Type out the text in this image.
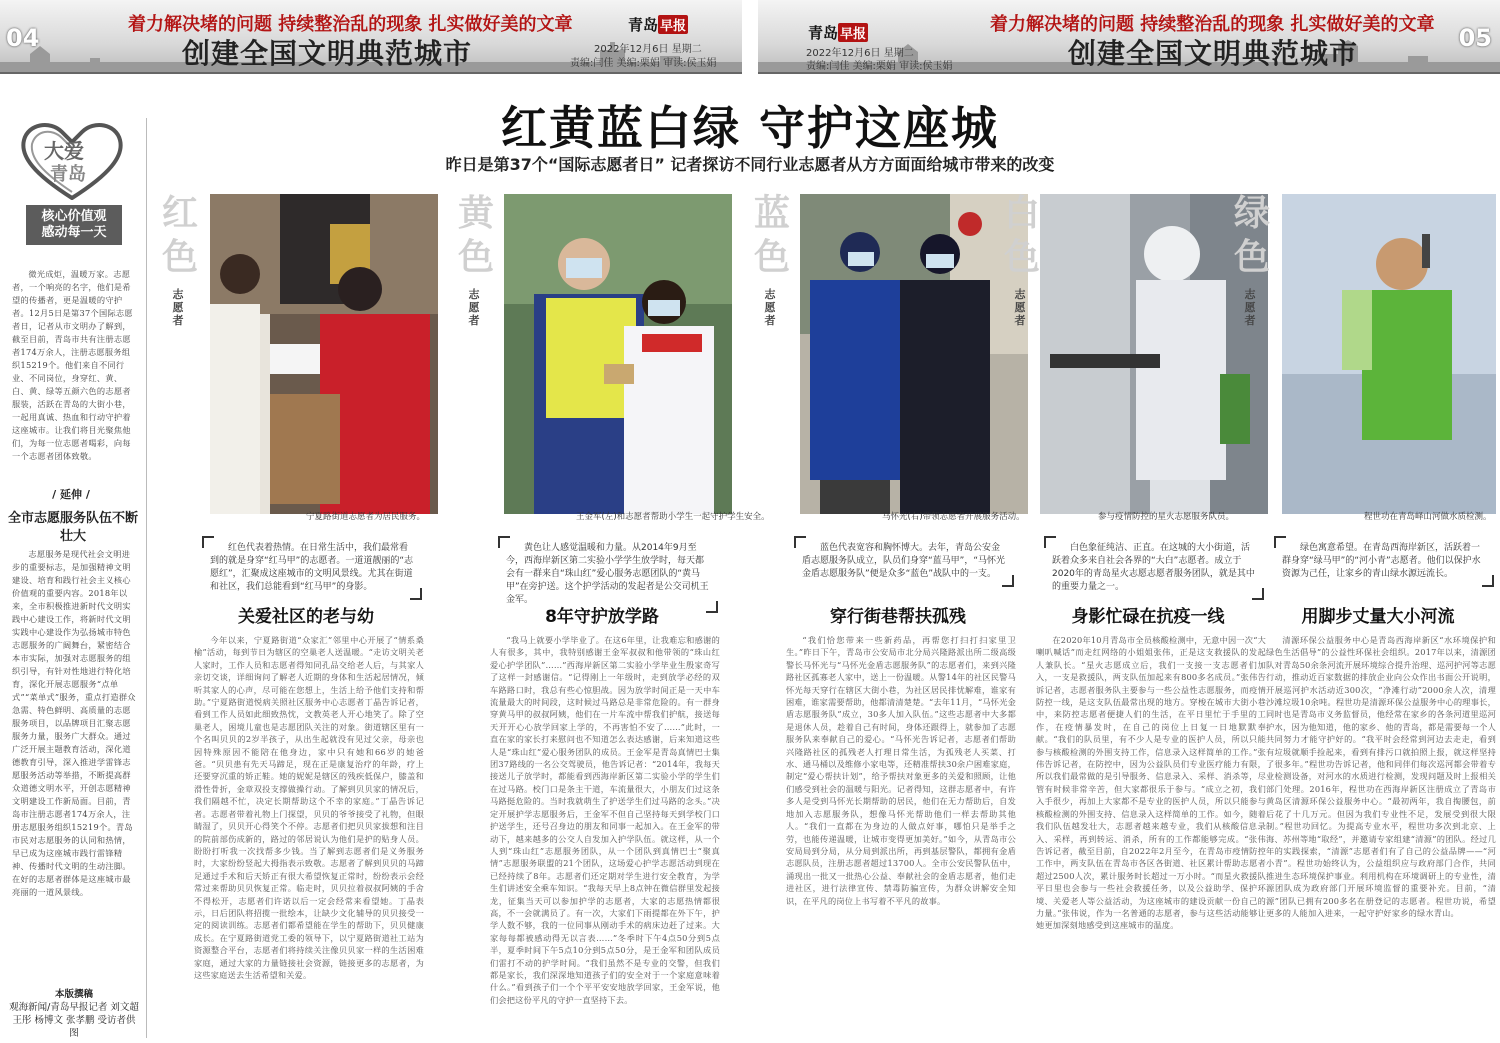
04	着力解决堵的问题 持续整治乱的现象 扎实做好美的文章
创建全国文明典范城市
青岛 早报
2022年12月6日 星期二
责编:闫佳 美编:栗娟 审读:侯玉娟
青岛 早报
2022年12月6日 星期二
责编:闫佳 美编:栗娟 审读:侯玉娟
着力解决堵的问题 持续整治乱的现象 扎实做好美的文章
创建全国文明典范城市	05
红黄蓝白绿 守护这座城
昨日是第37个“国际志愿者日” 记者探访不同行业志愿者从方方面面给城市带来的改变
大爱
青岛
核心价值观
感动每一天

微光成炬，温暖万家。志愿者，一个响亮的名字，他们是希望的传播者，更是温暖的守护者。12月5日是第37个国际志愿者日，记者从市文明办了解到，截至目前，青岛市共有注册志愿者174万余人，注册志愿服务组织15219个。他们来自不同行业、不同岗位，身穿红、黄、白、黄、绿等五颜六色的志愿者服装，活跃在青岛的大街小巷，一起用真诚、热血和行动守护着这座城市。让我们将目光聚焦他们，为每一位志愿者喝彩，向每一个志愿者团体致敬。

/ 延伸 /
全市志愿服务队伍不断壮大

志愿服务是现代社会文明进步的重要标志，是加强精神文明建设、培育和践行社会主义核心价值观的重要内容。2018年以来，全市积极推进新时代文明实践中心建设工作，将新时代文明实践中心建设作为弘扬城市特色志愿服务的广阔舞台，紧密结合本市实际，加强对志愿服务的组织引导，有针对性地进行特化培育，深化开展志愿服务“点单式”“菜单式”服务，重点打造群众急需、特色鲜明、高质量的志愿服务项目，以品牌项目汇聚志愿服务力量，服务广大群众。通过广泛开展主题教育活动，深化道德教育引导，深入推进学雷锋志愿服务活动等举措，不断提高群众道德文明水平，开创志愿精神文明建设工作新局面。目前，青岛市注册志愿者174万余人，注册志愿服务组织15219个。青岛市民对志愿服务的认同和热情，早已成为这座城市践行雷锋精神、传播时代文明的生动注脚。在好的志愿者群体是这座城市最亮丽的一道风景线。

本版撰稿
观海新闻/青岛早报记者 刘文超 王彤 杨博文 张孝鹏 受访者供图
红色
志愿者
宁夏路街道志愿者为居民服务。

红色代表着热情。在日常生活中，我们最常看到的就是身穿“红马甲”的志愿者。一道道靓丽的“志愿红”，汇聚成这座城市的文明风景线。尤其在街道和社区，我们总能看到“红马甲”的身影。

关爱社区的老与幼

今年以来，宁夏路街道“众家汇”邻里中心开展了“情系桑榆”活动，每到节日为辖区的空巢老人送温暖。“走访文明关老人家时，工作人员和志愿者得知同孔品交给老人后，与其家人亲切交谈，详细询问了解老人近期的身体和生活起居情况，倾听其家人的心声，尽可能在您想上，生活上给予他们支持和帮助。”宁夏路街道悦病关照社区服务中心志愿者丁晶告诉记者，看到工作人员如此细致热忱，文教英老人开心地笑了。除了空巢老人，困境儿童也是志愿团队关注的对象。街道辖区里有一个名叫贝贝的2岁半孩子，从出生起就没有见过父亲，母亲也因特殊原因不能陪在他身边，家中只有她和66岁的她爸爸。“贝贝患有先天马蹄足，现在正是康复治疗的年龄，疗上还要穿沉重的矫正鞋。她的妮妮是辖区的残疾低保户，膝盖和滑性骨折，金章双投支撑做操行动。了解到贝贝家的情况后，我们隔越不忙，决定长期帮助这个不幸的家庭。”丁晶告诉记者。志愿者带着礼物上门探望，贝贝的爷爷接受了礼物，但眼睛湿了，贝贝开心得笑个不停。志愿者们把贝贝家拔想和注目的院前部伤成新的，路过的邻居说认为他们是护的贴身人员。盼盼打听我一次找帮多少钱。当了解到志愿者们是义务服务时，大家纷纷竖起大拇指表示致敬。志愿者了解到贝贝的马蹄足通过手术和后天矫正有很大希望恢复正常时，纷纷表示会经常过来帮助贝贝恢复正常。临走时，贝贝拉着叔叔阿姨的手舍不得松开，志愿者们许诺以后一定会经常来看望她。丁晶表示，日后团队将招揽一批绘本，让缺少文化辅导的贝贝接受一定的阅读训练。志愿者们都希望能在学生的帮助下，贝贝健康成长。在宁夏路街道党工委的领导下，以宁夏路街道社工站为资源整合平台，志愿者们将持续关注像贝贝家一样的生活困难家庭，通过大家的力量链接社会资源，链接更多的志愿者，为这些家庭送去生活希望和关爱。

黄色
志愿者
王金军(左)和志愿者帮助小学生一起守护学生安全。

黄色让人感觉温暖和力量。从2014年9月至今，西海岸新区第二实验小学学生放学时，每天都会有一群来自“珠山红”爱心服务志愿团队的“黄马甲”在旁护送。这个护学活动的发起者是公交司机王金军。

8年守护放学路

“我马上就要小学毕业了。在这6年里，让我难忘和感谢的人有很多，其中，我特别感谢王金军叔叔和他带领的“珠山红爱心护学团队”……”西海岸新区第二实验小学毕业生殷家奇写了这样一封感谢信。“记得刚上一年级时，走到放学必经的双车路路口时，我总有些心惊胆战。因为放学时间正是一天中车流量最大的时间段，这时候过马路总是非常危险的。有一群身穿黄马甲的叔叔阿姨，他们在一片车流中帮我们护航，接送每天开开心心放学回家上学的，不再害怕不安了……”此时，一直在家的家长打来慰问也不知道怎么表达感谢，后来知道这些人是“珠山红”爱心服务团队的成员。王金军是青岛真情巴士集团37路线的一名公交驾驶员，他告诉记者：“2014年，我每天接送儿子放学时，都能看到西海岸新区第二实验小学的学生们在过马路。校门口是条主干道，车流量很大，小朋友们过这条马路挺危险的。当时我就萌生了护送学生们过马路的念头。”决定开展护学志愿服务后，王金军不但自己坚持每天到学校门口护送学生，还号召身边的朋友和同事一起加入。在王金军的带动下，越来越多的公交人自发加入护学队伍。就这样，从一个人到“珠山红”志愿服务团队，从一个团队到真情巴士“聚真情”志愿服务联盟的21个团队，这场爱心护学志愿活动到现在已经持续了8年。志愿者们还定期对学生进行安全教育，为学生们讲述安全乘车知识。“我每天早上8点钟在微信群里发起接龙，征集当天可以参加护学的志愿者，大家的志愿热情都很高，不一会就满员了。有一次，大家们下雨提都在外下午，护学人数不够，我的一位同事从刚动手术的病床边赶了过来。大家每每都被感动得无以言表……”冬季时下午4点50分到5点半，夏季时间下午5点10分到5点50分，是王金军和团队成员们雷打不动的护学时间。“我们虽然不是专业的交警，但我们都是家长，我们深深地知道孩子们的安全对于一个家庭意味着什么。”看到孩子们一个个平平安安地放学回家，王金军说，他们会把这份平凡的守护一直坚持下去。

蓝色
志愿者
马怀光(右)带领志愿者开展服务活动。

蓝色代表宽容和胸怀博大。去年，青岛公安金盾志愿服务队成立，队员们身穿“蓝马甲”，“马怀光金盾志愿服务队”便是众多“蓝色”战队中的一支。

穿行街巷帮扶孤残

“我们恰您带来一些新药品，再帮您打扫打扫家里卫生。”昨日下午，青岛市公安局市北分局兴隆路派出所二级高级警长马怀光与“马怀光金盾志愿服务队”的志愿者们，来到兴隆路社区孤寡老人家中，送上一份温暖。从警14年的社区民警马怀光每天穿行在辖区大街小巷，为社区居民排忧解难，谁家有困难，谁家需要帮助，他都清清楚楚。“去年11月，“马怀光金盾志愿服务队”成立，30多人加入队伍。”这些志愿者中大多都是退休人员，趁着自己有时间，身体还跟得上，就参加了志愿服务队来奉献自己的爱心。“马怀光告诉记者，志愿者们帮助兴隆路社区的孤残老人打理日常生活，为孤残老人买菜、打水、通马桶以及维修小家电等，还精准帮扶30余户困难家庭，制定“爱心帮扶计划”，给予帮扶对象更多的关爱和照顾，让他们感受到社会的温暖与阳光。记者得知，这群志愿者中，有许多人是受到马怀光长期帮助的居民，他们在无力帮助后，自发地加入志愿服务队，想像马怀光帮助他们一样去帮助其他人。“我们一直都在为身边的人做点好事，哪怕只是举手之劳，也能传递温暖，让城市变得更加美好。”如今，从青岛市公安局局到分局，从分局到派出所，再到基层警队，都拥有金盾志愿队员，注册志愿者超过13700人。全市公安民警队伍中，涌现出一批又一批热心公益、奉献社会的金盾志愿者，他们走进社区，进行法律宣传、禁毒防骗宣传，为群众讲解安全知识，在平凡的岗位上书写着不平凡的故事。

白色
志愿者
参与疫情防控的星火志愿服务队员。

白色象征纯洁、正直。在这城的大小街道，活跃着众多来自社会各界的“大白”志愿者。成立于2020年的青岛星火志愿志愿者服务团队，就是其中的重要力量之一。

身影忙碌在抗疫一线

在2020年10月青岛市全员核酸检测中，无意中因一次“大喇叭喊话”而走红网络的小姐姐张伟，正是这支救援队的发起人兼队长。“星火志愿成立后，我们一支接一支志愿者们加入，一支是救援队，两支队伍加起来有800多名成员。”张伟告诉记者，志愿者服务队主要参与一些公益性志愿服务，而疫情防控一线，是这支队伍最常出现的地方。穿梭在城市大街小巷中，来防控志愿者便捷人们的生活，在平日里忙于手里的工作，在疫情暴发时，在自己的岗位上日复一日地默默奉献。“我们的队员里，有不少人是专业的医护人员，所以只能参与核酸检测的外围支持工作，信息录入这样简单的工作。”张伟告诉记者，在防控中，因为公益队员们专业医疗能力有限，所以我们最常做的是引导服务、信息录入、采样、消杀等，尽管有时候非常辛苦，但大家都很乐于参与。“成立之初，我们入手很少，再加上大家都不是专业的医护人员，所以只能参与核酸检测的外围支持、信息录入这样简单的工作。如今，随着我们队伍越发壮大，志愿者越来越专业，我们从核酸信息录入、采样，再到转运、消杀，所有的工作都能够完成。“张伟告诉记者，截至目前，自2022年2月至今，在青岛市疫情防控工作中，两支队伍在青岛市各区各街道、社区累计帮助志愿者超过2500人次，累计服务时长超过一万小时。“而星火救援队平日里也会参与一些社会救援任务，以及公益助学、保护环境、关爱老人等公益活动，为这座城市的建设贡献一份自己的力量。”张伟说，作为一名普通的志愿者，参与这些活动能够让她更加深刻地感受到这座城市的温度。

绿色
志愿者
程世功在青岛峄山河做水质检测。

绿色寓意希望。在青岛西海岸新区，活跃着一群身穿“绿马甲”的“河小青”志愿者。他们以保护水资源为己任，让家乡的青山绿水源远流长。

用脚步丈量大小河流

清源环保公益服务中心是青岛西海岸新区“水环境保护和绿色生活倡导”的公益性环保社会组织。2017年以来，清源团队对青岛50余条河流开展环境综合提升治理、巡河护河等志愿行动，推动近百家数据的排放企业向公众作出书面公开说明，开展巡河护水活动近300次，“净滩行动”2000余人次，清理沙滩垃圾10余吨。程世功是清源环保公益服务中心的理事长，同时也是青岛市义务监督员，他经常在家乡的各条河道里巡河护水，因为他知道，他的家乡、他的青岛，都是需要每一个人共同努力才能守护好的。“我平时会经常到河边去走走，看到有垃圾就顺手捡起来，看到有排污口就拍照上报，就这样坚持了很多年。”程世功告诉记者，他和同伴们每次巡河都会带着专业检测设备，对河水的水质进行检测，发现问题及时上报相关部门处理。2016年，程世功在西海岸新区注册成立了青岛市黄岛区清源环保公益服务中心。“最初两年，我自掏腰包，前后花了十几万元。但因为我们专业性不足，发展受到很大限制。”程世功回忆。为提高专业水平，程世功多次到北京、上海、苏州等地“取经”，并邀请专家组建“清源”的团队。经过几年的实践探索，“清源”志愿者们有了自己的公益品牌——“河小青”。程世功始终认为，公益组织应与政府部门合作，共同推进生态环境保护事业。利用机构在环境调研上的专业性，清源团队成为政府部门开展环境监督的重要补充。目前，“清源”团队已拥有200多名在册登记的志愿者。程世功说，希望更多的人能加入进来，一起守护好家乡的绿水青山。
